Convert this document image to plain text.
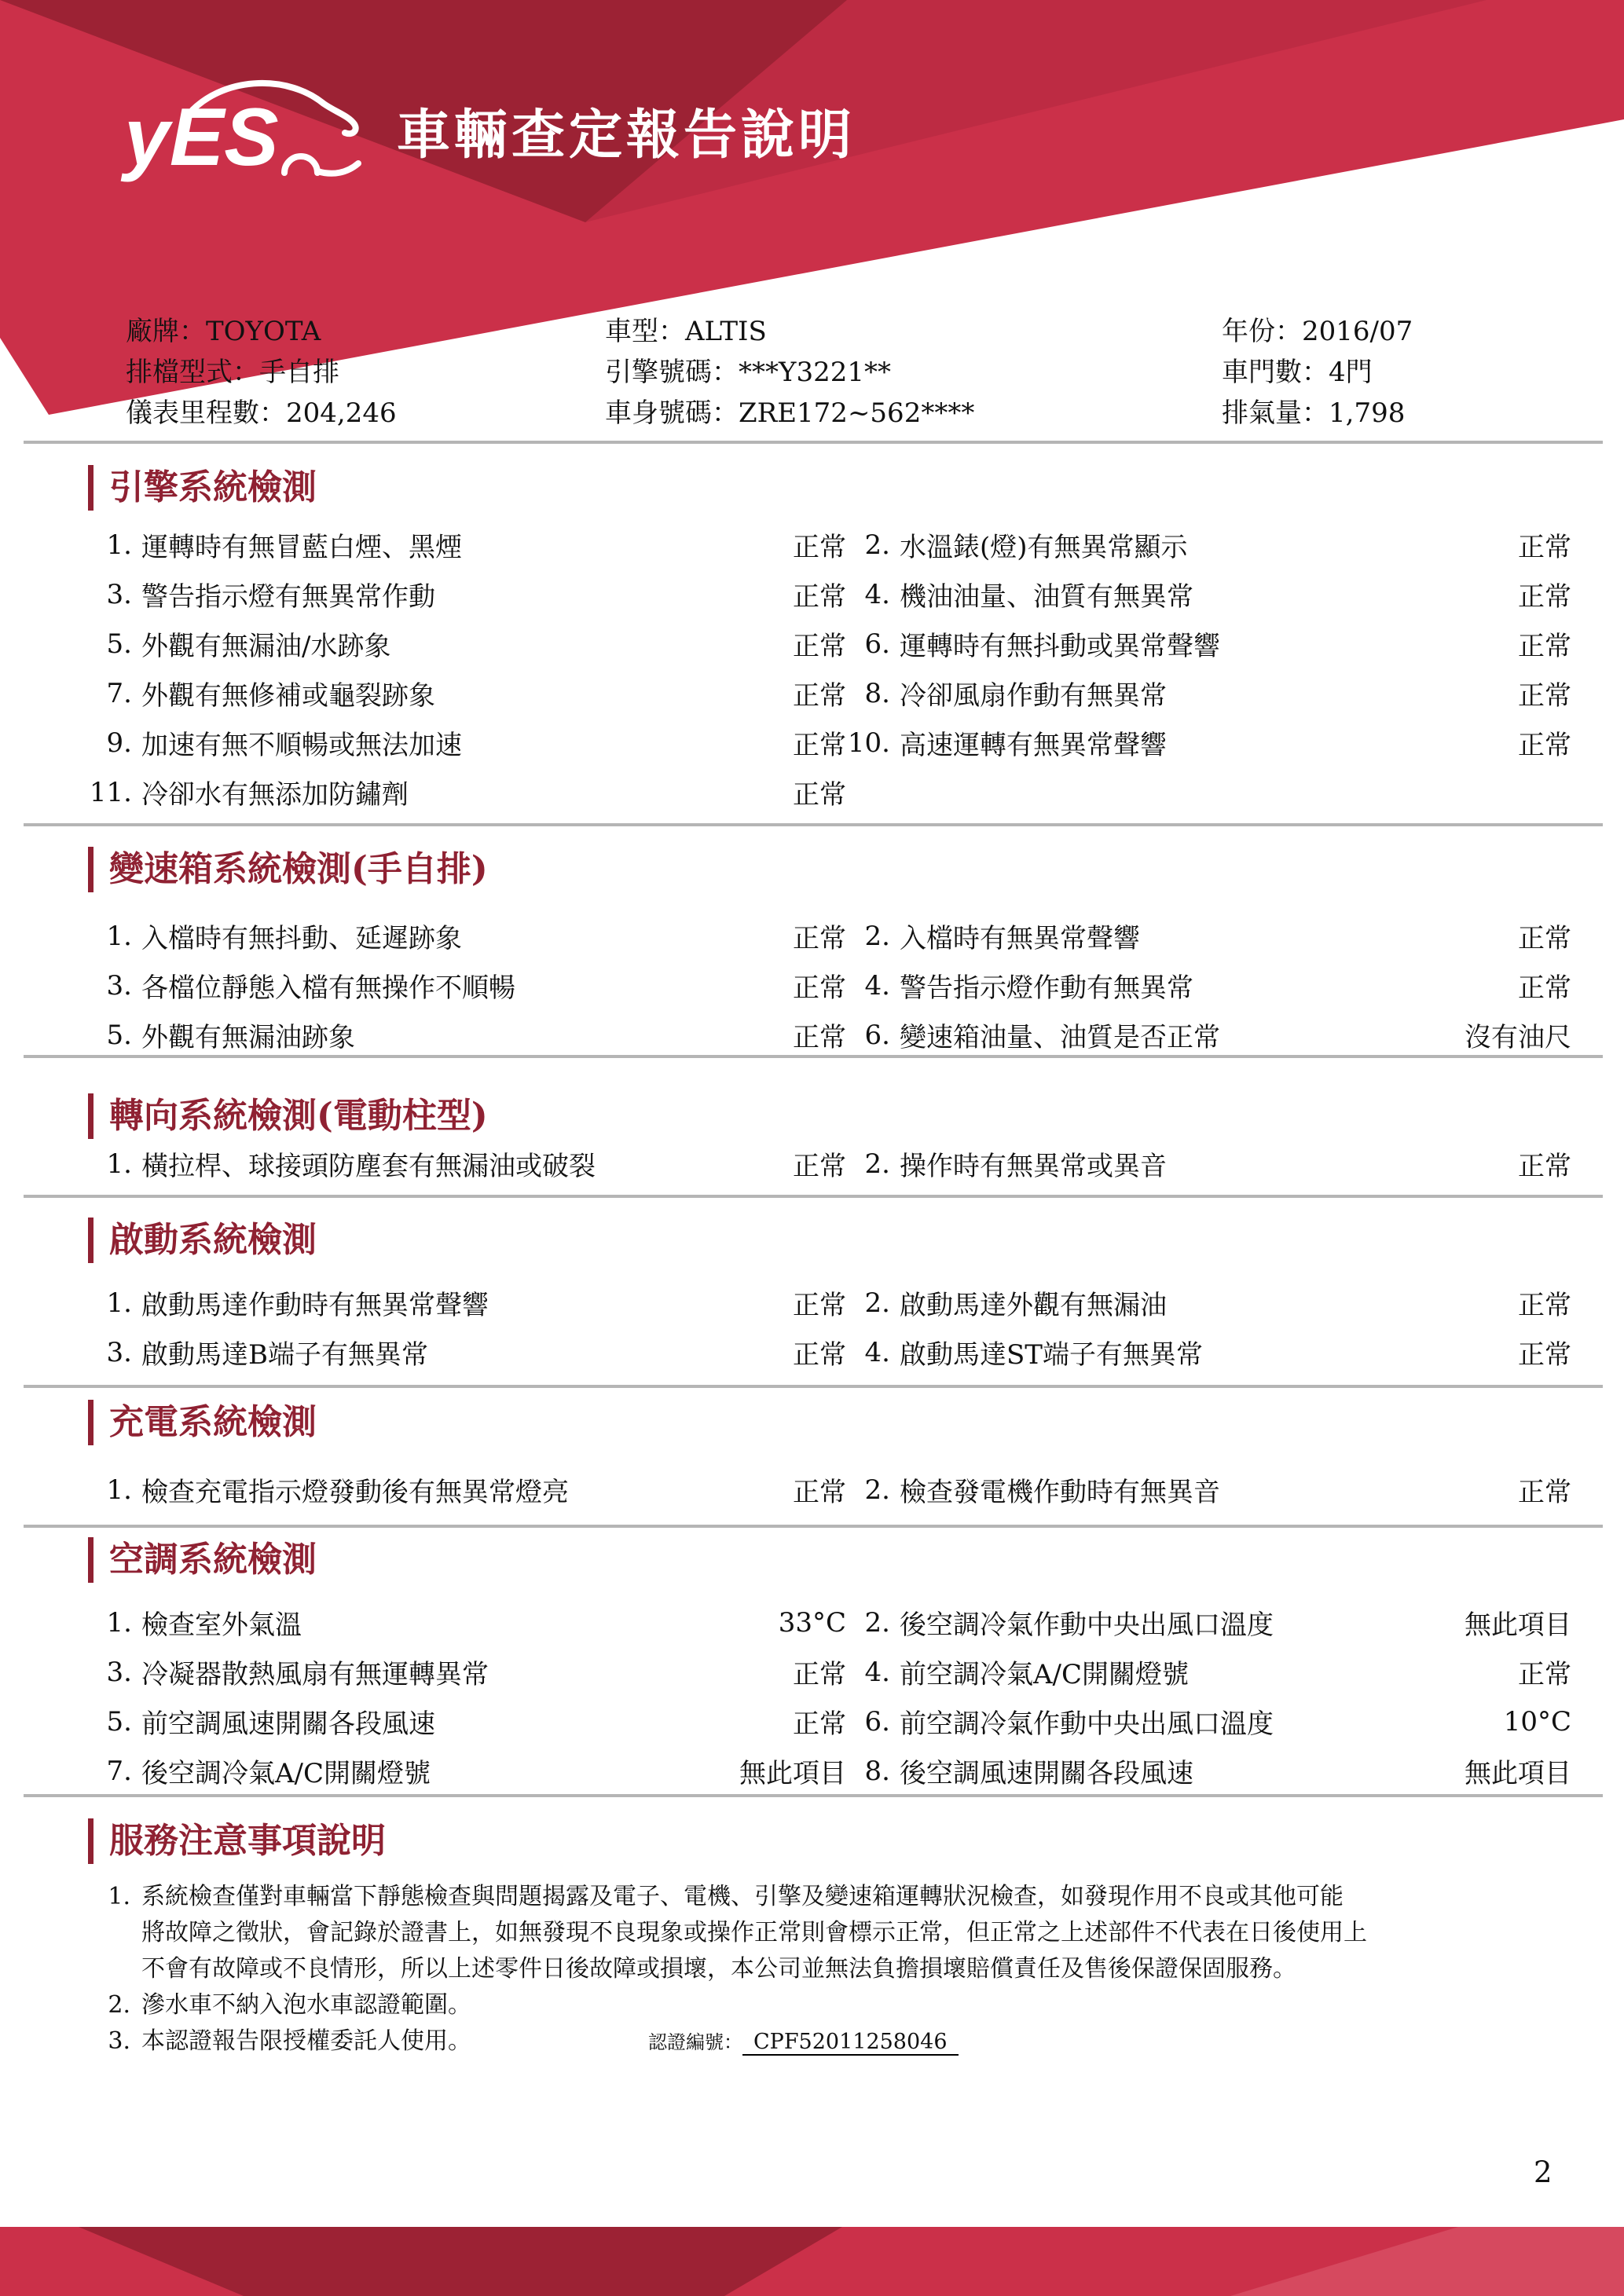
yES 車輛查定報告說明
廠牌：TOYOTA
排檔型式：手自排
儀表里程數：204,246
車型：ALTIS
引擎號碼：***Y3221**
車身號碼：ZRE172~562****
年份：2016/07
車門數：4門
排氣量：1,798
引擎系統檢測
1. 運轉時有無冒藍白煙、黑煙	正常 2. 水溫錶(燈)有無異常顯示	正常
3. 警告指示燈有無異常作動	正常 4. 機油油量、油質有無異常	正常
5. 外觀有無漏油/水跡象	正常 6. 運轉時有無抖動或異常聲響	正常
7. 外觀有無修補或龜裂跡象	正常 8. 冷卻風扇作動有無異常	正常
9. 加速有無不順暢或無法加速	正常 10. 高速運轉有無異常聲響	正常
11. 冷卻水有無添加防鏽劑	正常
變速箱系統檢測(手自排)
1. 入檔時有無抖動、延遲跡象	正常 2. 入檔時有無異常聲響	正常
3. 各檔位靜態入檔有無操作不順暢	正常 4. 警告指示燈作動有無異常	正常
5. 外觀有無漏油跡象	正常 6. 變速箱油量、油質是否正常	沒有油尺
轉向系統檢測(電動柱型)
1. 橫拉桿、球接頭防塵套有無漏油或破裂	正常 2. 操作時有無異常或異音	正常
啟動系統檢測
1. 啟動馬達作動時有無異常聲響	正常 2. 啟動馬達外觀有無漏油	正常
3. 啟動馬達B端子有無異常	正常 4. 啟動馬達ST端子有無異常	正常
充電系統檢測
1. 檢查充電指示燈發動後有無異常燈亮	正常 2. 檢查發電機作動時有無異音	正常
空調系統檢測
1. 檢查室外氣溫	33°C 2. 後空調冷氣作動中央出風口溫度	無此項目
3. 冷凝器散熱風扇有無運轉異常	正常 4. 前空調冷氣A/C開關燈號	正常
5. 前空調風速開關各段風速	正常 6. 前空調冷氣作動中央出風口溫度	10°C
7. 後空調冷氣A/C開關燈號	無此項目 8. 後空調風速開關各段風速	無此項目
服務注意事項說明
1. 系統檢查僅對車輛當下靜態檢查與問題揭露及電子、電機、引擎及變速箱運轉狀況檢查，如發現作用不良或其他可能
將故障之徵狀，會記錄於證書上，如無發現不良現象或操作正常則會標示正常，但正常之上述部件不代表在日後使用上
不會有故障或不良情形，所以上述零件日後故障或損壞，本公司並無法負擔損壞賠償責任及售後保證保固服務。
2. 滲水車不納入泡水車認證範圍。
3. 本認證報告限授權委託人使用。	認證編號： CPF52011258046
2
